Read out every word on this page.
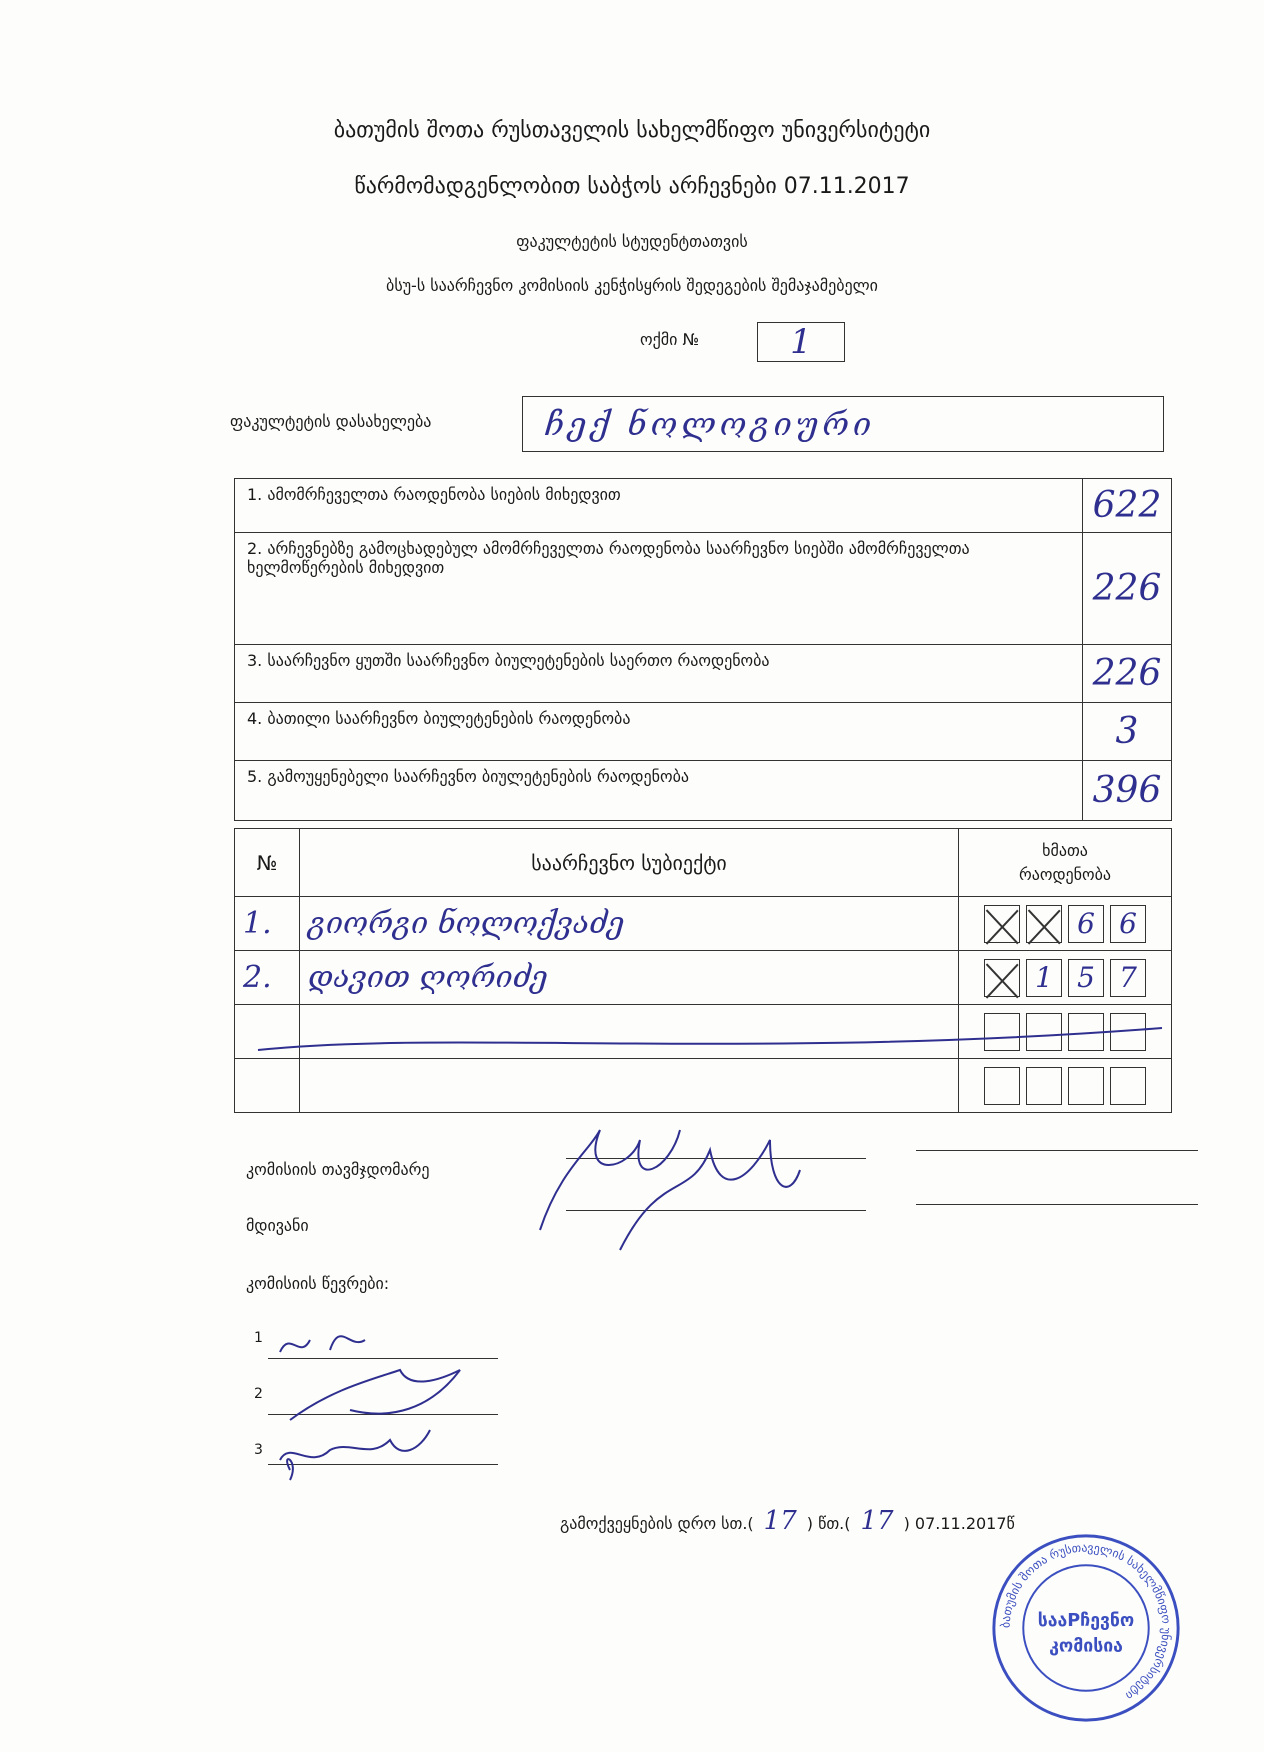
ბათუმის შოთა რუსთაველის სახელმწიფო უნივერსიტეტი
წარმომადგენლობით საბჭოს არჩევნები 07.11.2017
ფაკულტეტის სტუდენტთათვის
ბსუ-ს საარჩევნო კომისიის კენჭისყრის შედეგების შემაჯამებელი
ოქმი №	1
ფაკულტეტის დასახელება	ჩექ ნოლოგიური
1. ამომრჩეველთა რაოდენობა სიების მიხედვით	622
2. არჩევნებზე გამოცხადებულ ამომრჩეველთა რაოდენობა საარჩევნო სიებში ამომრჩეველთა ხელმოწერების მიხედვით	226
3. საარჩევნო ყუთში საარჩევნო ბიულეტენების საერთო რაოდენობა	226
4. ბათილი საარჩევნო ბიულეტენების რაოდენობა	3
5. გამოუყენებელი საარჩევნო ბიულეტენების რაოდენობა	396
№	საარჩევნო სუბიექტი	ხმათა
რაოდენობა

1.	გიორგი ნოლოქვაძე	6 6

2.	დავით ღორიძე	1 5 7

კომისიის თავმჯდომარე
მდივანი
კომისიის წევრები:
1
2
3
გამოქვეყნების დრო სთ.( 17 ) წთ.( 17 ) 07.11.2017წ
ბათუმის შოთა რუსთაველის სახელმწიფო უნივერსიტეტი
სააРჩევნო
კომისია
